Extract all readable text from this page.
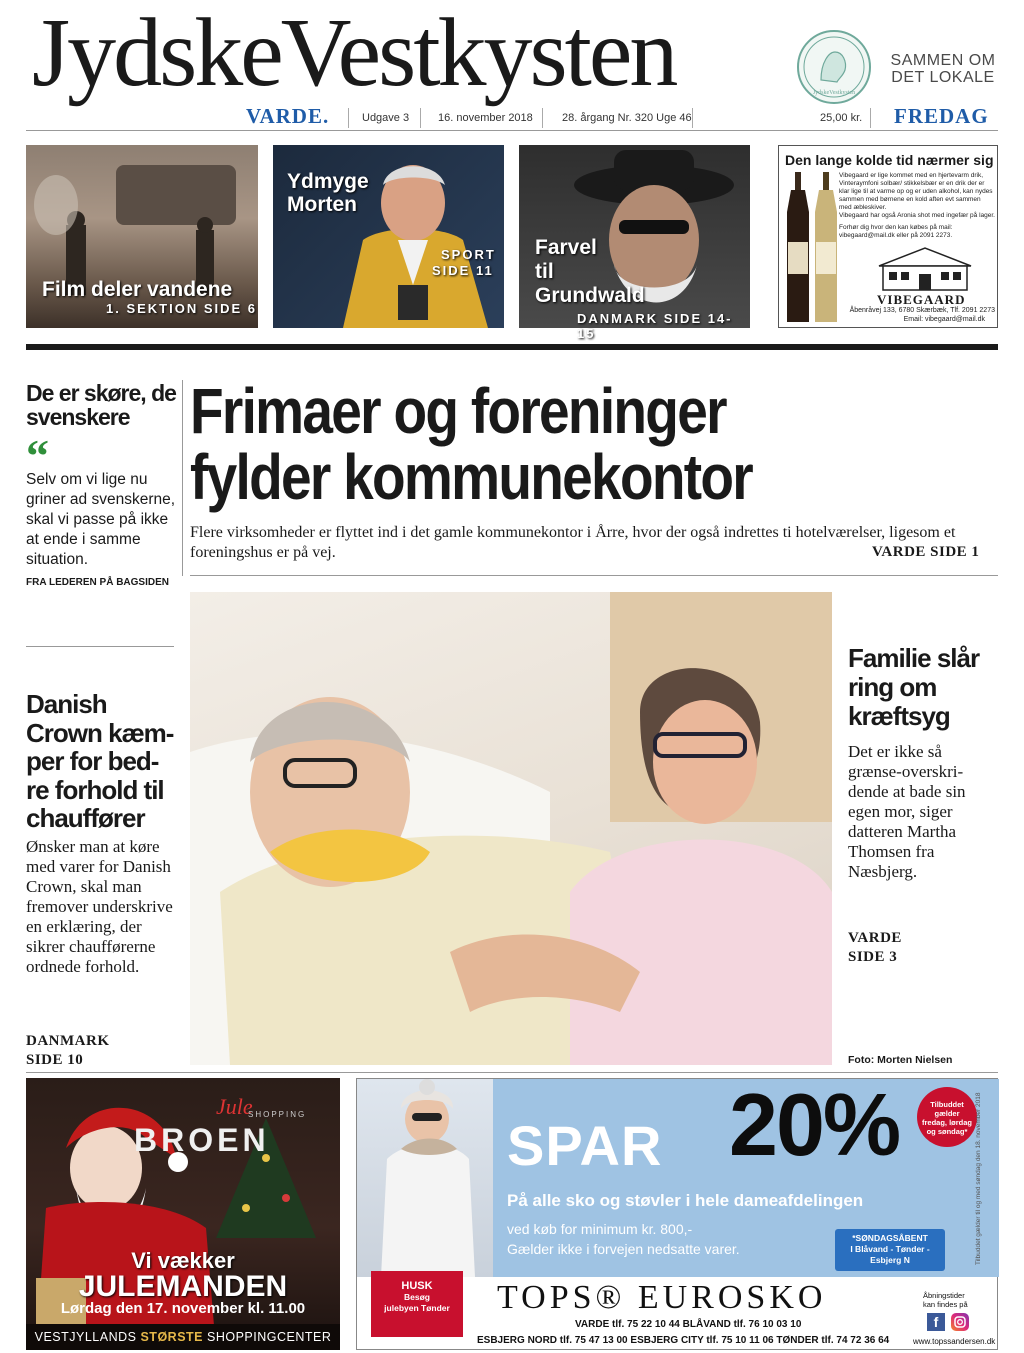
JydskeVestkysten	JydskeVestkysten
SAMMEN OM
DET LOKALE
VARDE.	Udgave 3	16. november 2018	28. årgang Nr. 320 Uge 46	25,00 kr. FREDAG
Film deler vandene
1. SEKTION SIDE 6
Ydmyge
Morten
SPORT
SIDE 11
Farvel
til
Grundwald
DANMARK SIDE 14-15
Den lange kolde tid nærmer sig
Vibegaard er lige kommet med en hjertevarm drik, Vinteraymfoni solbær/ stikkelsbær er en drik der er klar lige til at varme op og er uden alkohol, kan nydes sammen med børnene en kold aften evt sammen med æbleskiver.
Vibegaard har også Aronia shot med ingefær på lager.
Forhør dig hvor den kan købes på mail: vibegaard@mail.dk eller på 2091 2273.
VIBEGAARD
Åbenråvej 133, 6780 Skærbæk, Tlf. 2091 2273
Email: vibegaard@mail.dk
De er skøre, de svenskere
“
Selv om vi lige nu griner ad svenskerne, skal vi passe på ikke at ende i samme situation.
FRA LEDEREN PÅ BAGSIDEN
Frimaer og foreninger
fylder kommunekontor
Flere virksomheder er flyttet ind i det gamle kommunekontor i Årre, hvor der også indrettes ti hotelværelser, ligesom et foreningshus er på vej.	VARDE SIDE 1
Foto: Morten Nielsen
Danish
Crown kæm-
per for bed-
re forhold til
chauffører
Ønsker man at køre med varer for Danish Crown, skal man fremover underskrive en erklæring, der sikrer chaufførerne ordnede forhold.
DANMARK
SIDE 10
Familie slår
ring om
kræftsyg
Det er ikke så grænse-overskri-dende at bade sin egen mor, siger datteren Martha Thomsen fra Næsbjerg.
VARDE
SIDE 3
Jule
SHOPPING
BROEN
Vi vækker
JULEMANDEN
Lørdag den 17. november kl. 11.00
VESTJYLLANDS STØRSTE SHOPPINGCENTER
SPAR 20%	Tilbuddet gælder fredag, lørdag og søndag*
På alle sko og støvler i hele dameafdelingen
ved køb for minimum kr. 800,-
Gælder ikke i forvejen nedsatte varer.
*SØNDAGSÅBENT
I Blåvand - Tønder -
Esbjerg N	Tilbuddet gælder til og med søndag den 18. november 2018
HUSK
Besøg
julebyen Tønder	TOPS® EUROSKO	Åbningstider
kan findes på
f
VARDE tlf. 75 22 10 44 BLÅVAND tlf. 76 10 03 10
ESBJERG NORD tlf. 75 47 13 00 ESBJERG CITY tlf. 75 10 11 06 TØNDER tlf. 74 72 36 64	www.topssandersen.dk
